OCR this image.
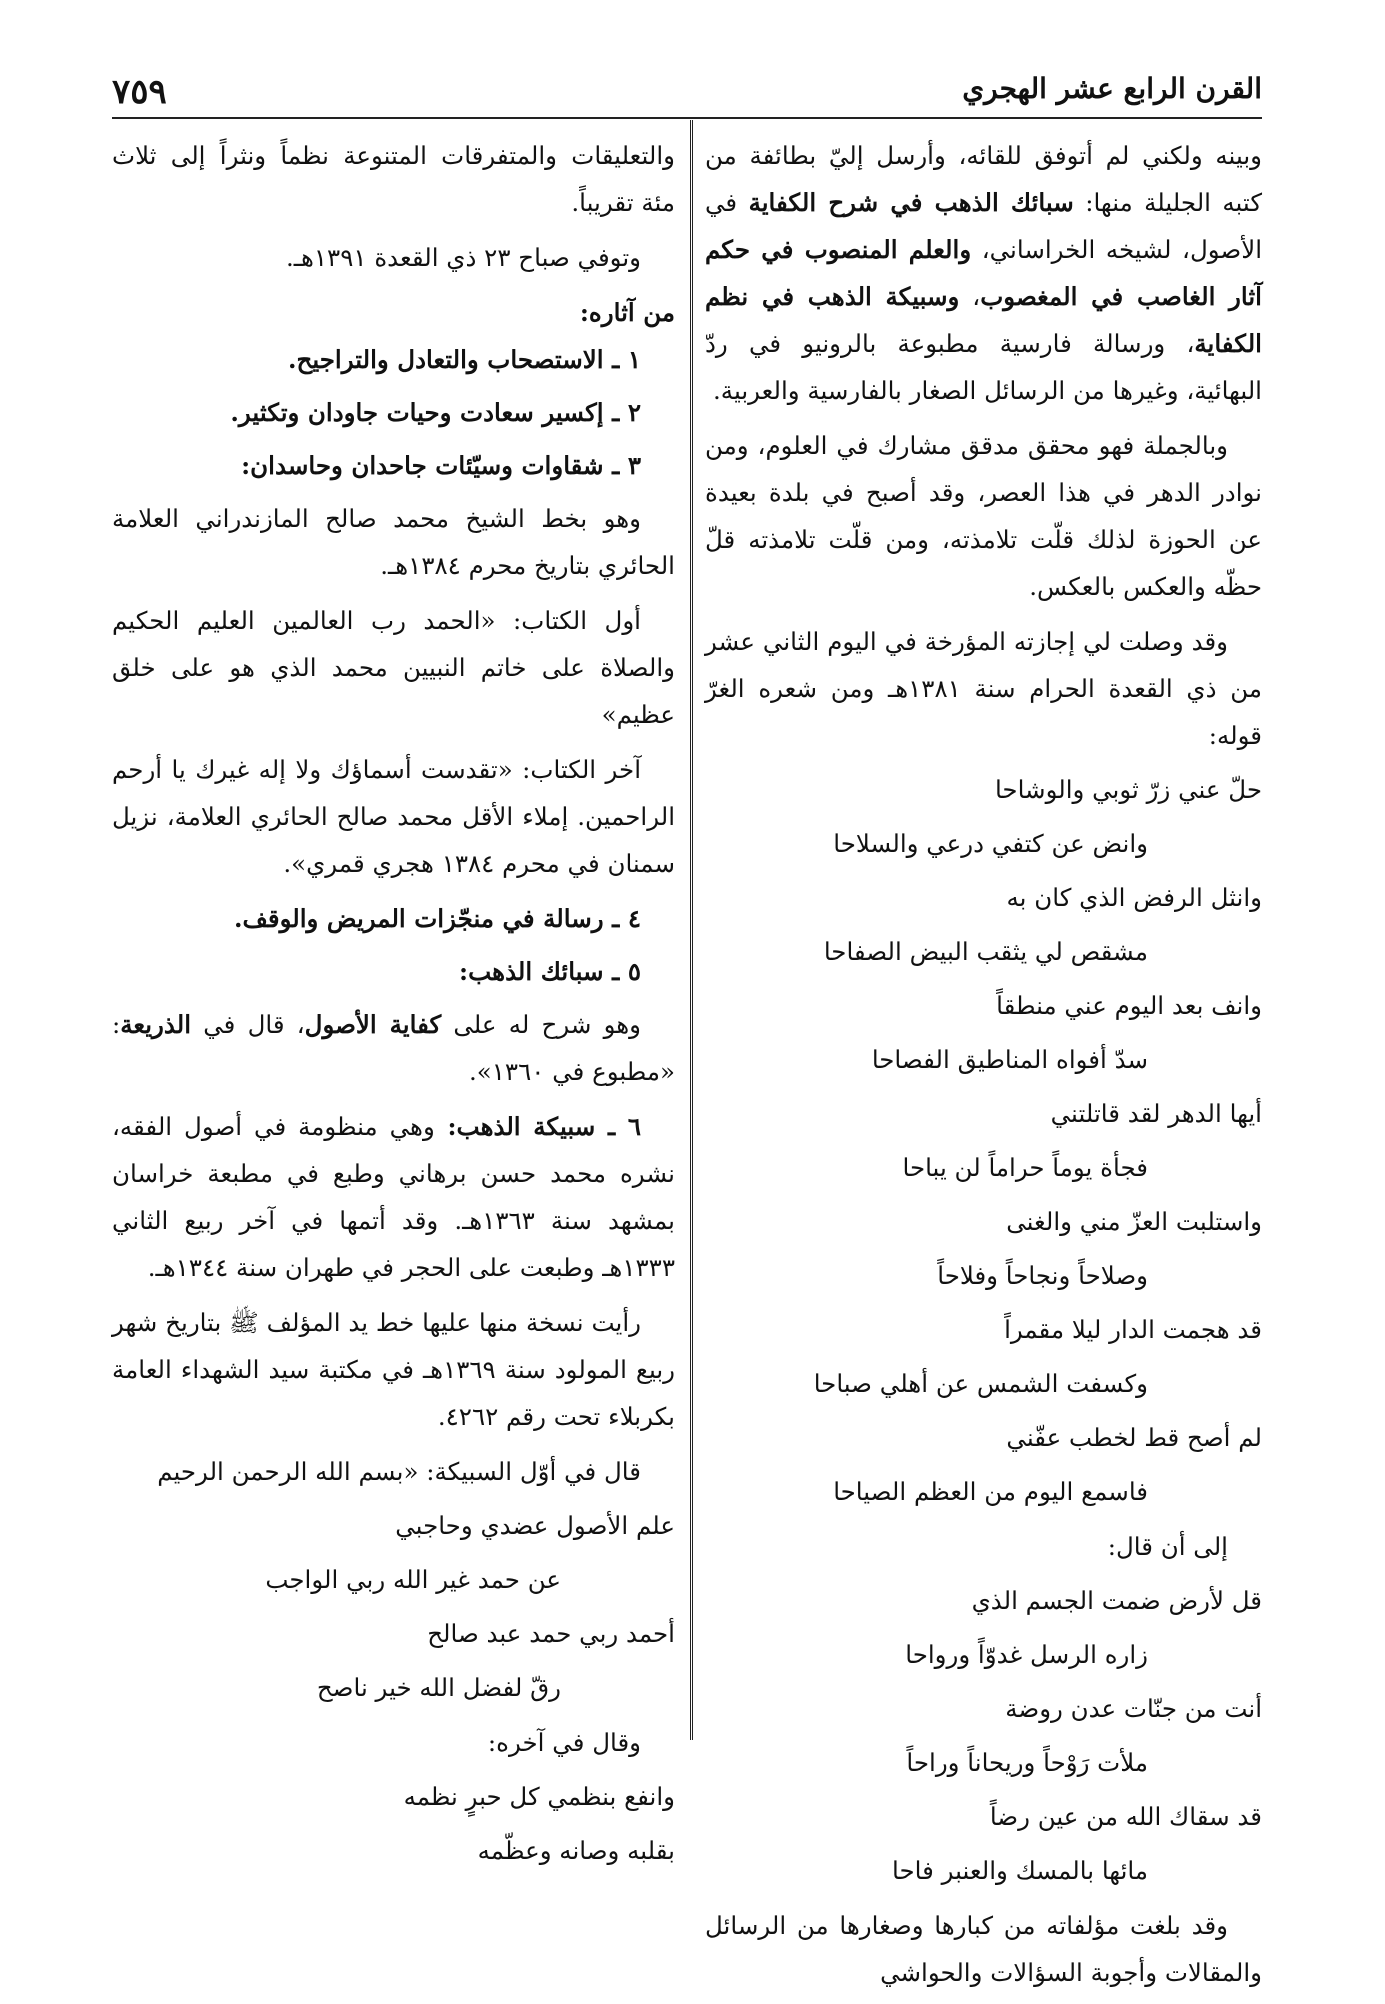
القرن الرابع عشر الهجري
٧٥٩

وبينه ولكني لم أتوفق للقائه، وأرسل إليّ بطائفة من كتبه الجليلة منها: سبائك الذهب في شرح الكفاية في الأصول، لشيخه الخراساني، والعلم المنصوب في حكم آثار الغاصب في المغصوب، وسبيكة الذهب في نظم الكفاية، ورسالة فارسية مطبوعة بالرونيو في ردّ البهائية، وغيرها من الرسائل الصغار بالفارسية والعربية.

وبالجملة فهو محقق مدقق مشارك في العلوم، ومن نوادر الدهر في هذا العصر، وقد أصبح في بلدة بعيدة عن الحوزة لذلك قلّت تلامذته، ومن قلّت تلامذته قلّ حظّه والعكس بالعكس.

وقد وصلت لي إجازته المؤرخة في اليوم الثاني عشر من ذي القعدة الحرام سنة ١٣٨١هـ ومن شعره الغرّ قوله:

حلّ عني زرّ ثوبي والوشاحا

وانض عن كتفي درعي والسلاحا

وانثل الرفض الذي كان به

مشقص لي يثقب البيض الصفاحا

وانف بعد اليوم عني منطقاً

سدّ أفواه المناطيق الفصاحا

أيها الدهر لقد قاتلتني

فجأة يوماً حراماً لن يباحا

واستلبت العزّ مني والغنى

وصلاحاً ونجاحاً وفلاحاً

قد هجمت الدار ليلا مقمراً

وكسفت الشمس عن أهلي صباحا

لم أصح قط لخطب عفّني

فاسمع اليوم من العظم الصياحا

إلى أن قال:

قل لأرض ضمت الجسم الذي

زاره الرسل غدوّاً ورواحا

أنت من جنّات عدن روضة

ملأت رَوْحاً وريحاناً وراحاً

قد سقاك الله من عين رضاً

مائها بالمسك والعنبر فاحا

وقد بلغت مؤلفاته من كبارها وصغارها من الرسائل والمقالات وأجوبة السؤالات والحواشي

والتعليقات والمتفرقات المتنوعة نظماً ونثراً إلى ثلاث مئة تقريباً.

وتوفي صباح ٢٣ ذي القعدة ١٣٩١هـ.

من آثاره:

١ ـ الاستصحاب والتعادل والتراجيح.

٢ ـ إكسير سعادت وحيات جاودان وتكثير.

٣ ـ شقاوات وسيّئات جاحدان وحاسدان:

وهو بخط الشيخ محمد صالح المازندراني العلامة الحائري بتاريخ محرم ١٣٨٤هـ.

أول الكتاب: «الحمد رب العالمين العليم الحكيم والصلاة على خاتم النبيين محمد الذي هو على خلق عظيم»

آخر الكتاب: «تقدست أسماؤك ولا إله غيرك يا أرحم الراحمين. إملاء الأقل محمد صالح الحائري العلامة، نزيل سمنان في محرم ١٣٨٤ هجري قمري».

٤ ـ رسالة في منجّزات المريض والوقف.

٥ ـ سبائك الذهب:

وهو شرح له على كفاية الأصول، قال في الذريعة: «مطبوع في ١٣٦٠».

٦ ـ سبيكة الذهب: وهي منظومة في أصول الفقه، نشره محمد حسن برهاني وطبع في مطبعة خراسان بمشهد سنة ١٣٦٣هـ. وقد أتمها في آخر ربيع الثاني ١٣٣٣هـ وطبعت على الحجر في طهران سنة ١٣٤٤هـ.

رأيت نسخة منها عليها خط يد المؤلف ﷺ بتاريخ شهر ربيع المولود سنة ١٣٦٩هـ في مكتبة سيد الشهداء العامة بكربلاء تحت رقم ٤٢٦٢.

قال في أوّل السبيكة: «بسم الله الرحمن الرحيم

علم الأصول عضدي وحاجبي

عن حمد غير الله ربي الواجب

أحمد ربي حمد عبد صالح

رقّ لفضل الله خير ناصح

وقال في آخره:

وانفع بنظمي كل حبرٍ نظمه

بقلبه وصانه وعظّمه
